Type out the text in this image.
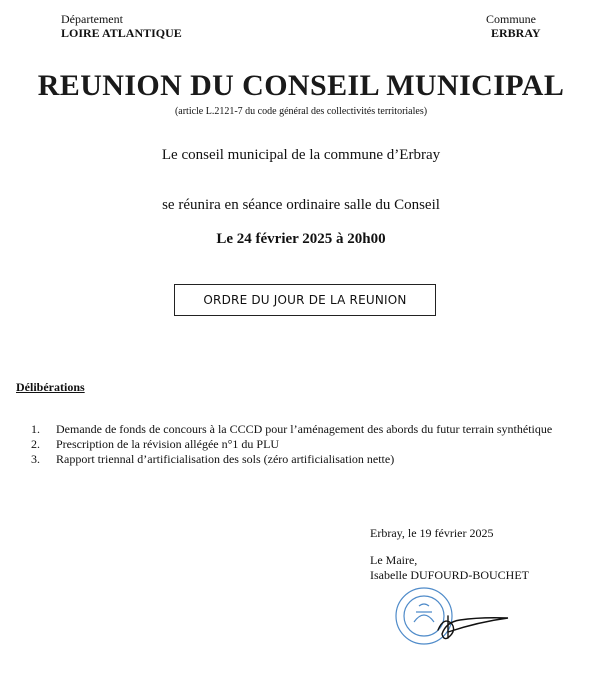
Département
LOIRE ATLANTIQUE
Commune
ERBRAY
REUNION DU CONSEIL MUNICIPAL
(article L.2121-7 du code général des collectivités territoriales)
Le conseil municipal de la commune d’Erbray
se réunira en séance ordinaire salle du Conseil
Le 24 février 2025 à 20h00
ORDRE DU JOUR DE LA REUNION
Délibérations
1.	Demande de fonds de concours à la CCCD pour l’aménagement des abords du futur terrain synthétique
2.	Prescription de la révision allégée n°1 du PLU
3.	Rapport triennal d’artificialisation des sols (zéro artificialisation nette)
Erbray, le 19 février 2025
Le Maire,
Isabelle DUFOURD-BOUCHET
